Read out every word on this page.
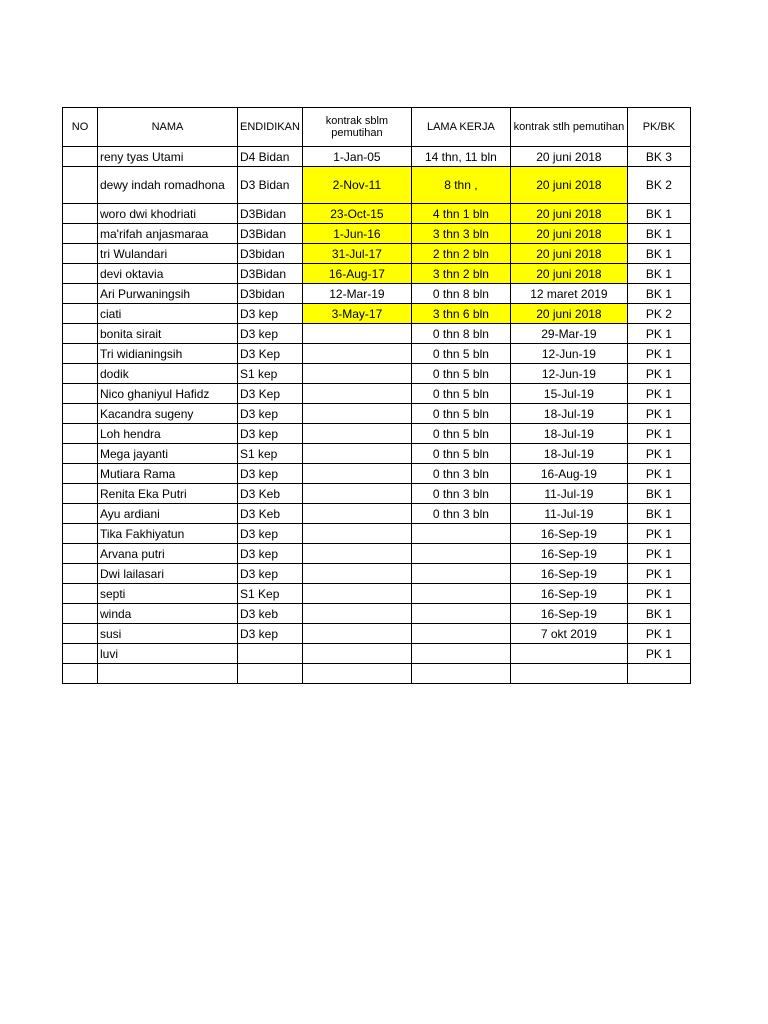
NO	NAMA	ENDIDIKAN	kontrak sblm pemutihan	LAMA KERJA	kontrak stlh pemutihan	PK/BK
	reny tyas Utami	D4 Bidan	1-Jan-05	14 thn, 11 bln	20 juni 2018	BK 3
	dewy indah romadhona	D3 Bidan	2-Nov-11	8 thn ,	20 juni 2018	BK 2
	woro dwi khodriati	D3Bidan	23-Oct-15	4 thn 1 bln	20 juni 2018	BK 1
	ma'rifah anjasmaraa	D3Bidan	1-Jun-16	3 thn 3 bln	20 juni 2018	BK 1
	tri Wulandari	D3bidan	31-Jul-17	2 thn 2 bln	20 juni 2018	BK 1
	devi oktavia	D3Bidan	16-Aug-17	3 thn 2 bln	20 juni 2018	BK 1
	Ari Purwaningsih	D3bidan	12-Mar-19	0 thn 8 bln	12 maret 2019	BK 1
	ciati	D3 kep	3-May-17	3 thn 6 bln	20 juni 2018	PK 2
	bonita sirait	D3 kep		0 thn 8 bln	29-Mar-19	PK 1
	Tri widianingsih	D3 Kep		0 thn 5 bln	12-Jun-19	PK 1
	dodik	S1 kep		0 thn 5 bln	12-Jun-19	PK 1
	Nico ghaniyul Hafidz	D3 Kep		0 thn 5 bln	15-Jul-19	PK 1
	Kacandra sugeny	D3 kep		0 thn 5 bln	18-Jul-19	PK 1
	Loh hendra	D3 kep		0 thn 5 bln	18-Jul-19	PK 1
	Mega jayanti	S1 kep		0 thn 5 bln	18-Jul-19	PK 1
	Mutiara Rama	D3 kep		0 thn 3 bln	16-Aug-19	PK 1
	Renita Eka Putri	D3 Keb		0 thn 3 bln	11-Jul-19	BK 1
	Ayu ardiani	D3 Keb		0 thn 3 bln	11-Jul-19	BK 1
	Tika Fakhiyatun	D3 kep			16-Sep-19	PK 1
	Arvana putri	D3 kep			16-Sep-19	PK 1
	Dwi lailasari	D3 kep			16-Sep-19	PK 1
	septi	S1 Kep			16-Sep-19	PK 1
	winda	D3 keb			16-Sep-19	BK 1
	susi	D3 kep			7 okt 2019	PK 1
	luvi					PK 1
